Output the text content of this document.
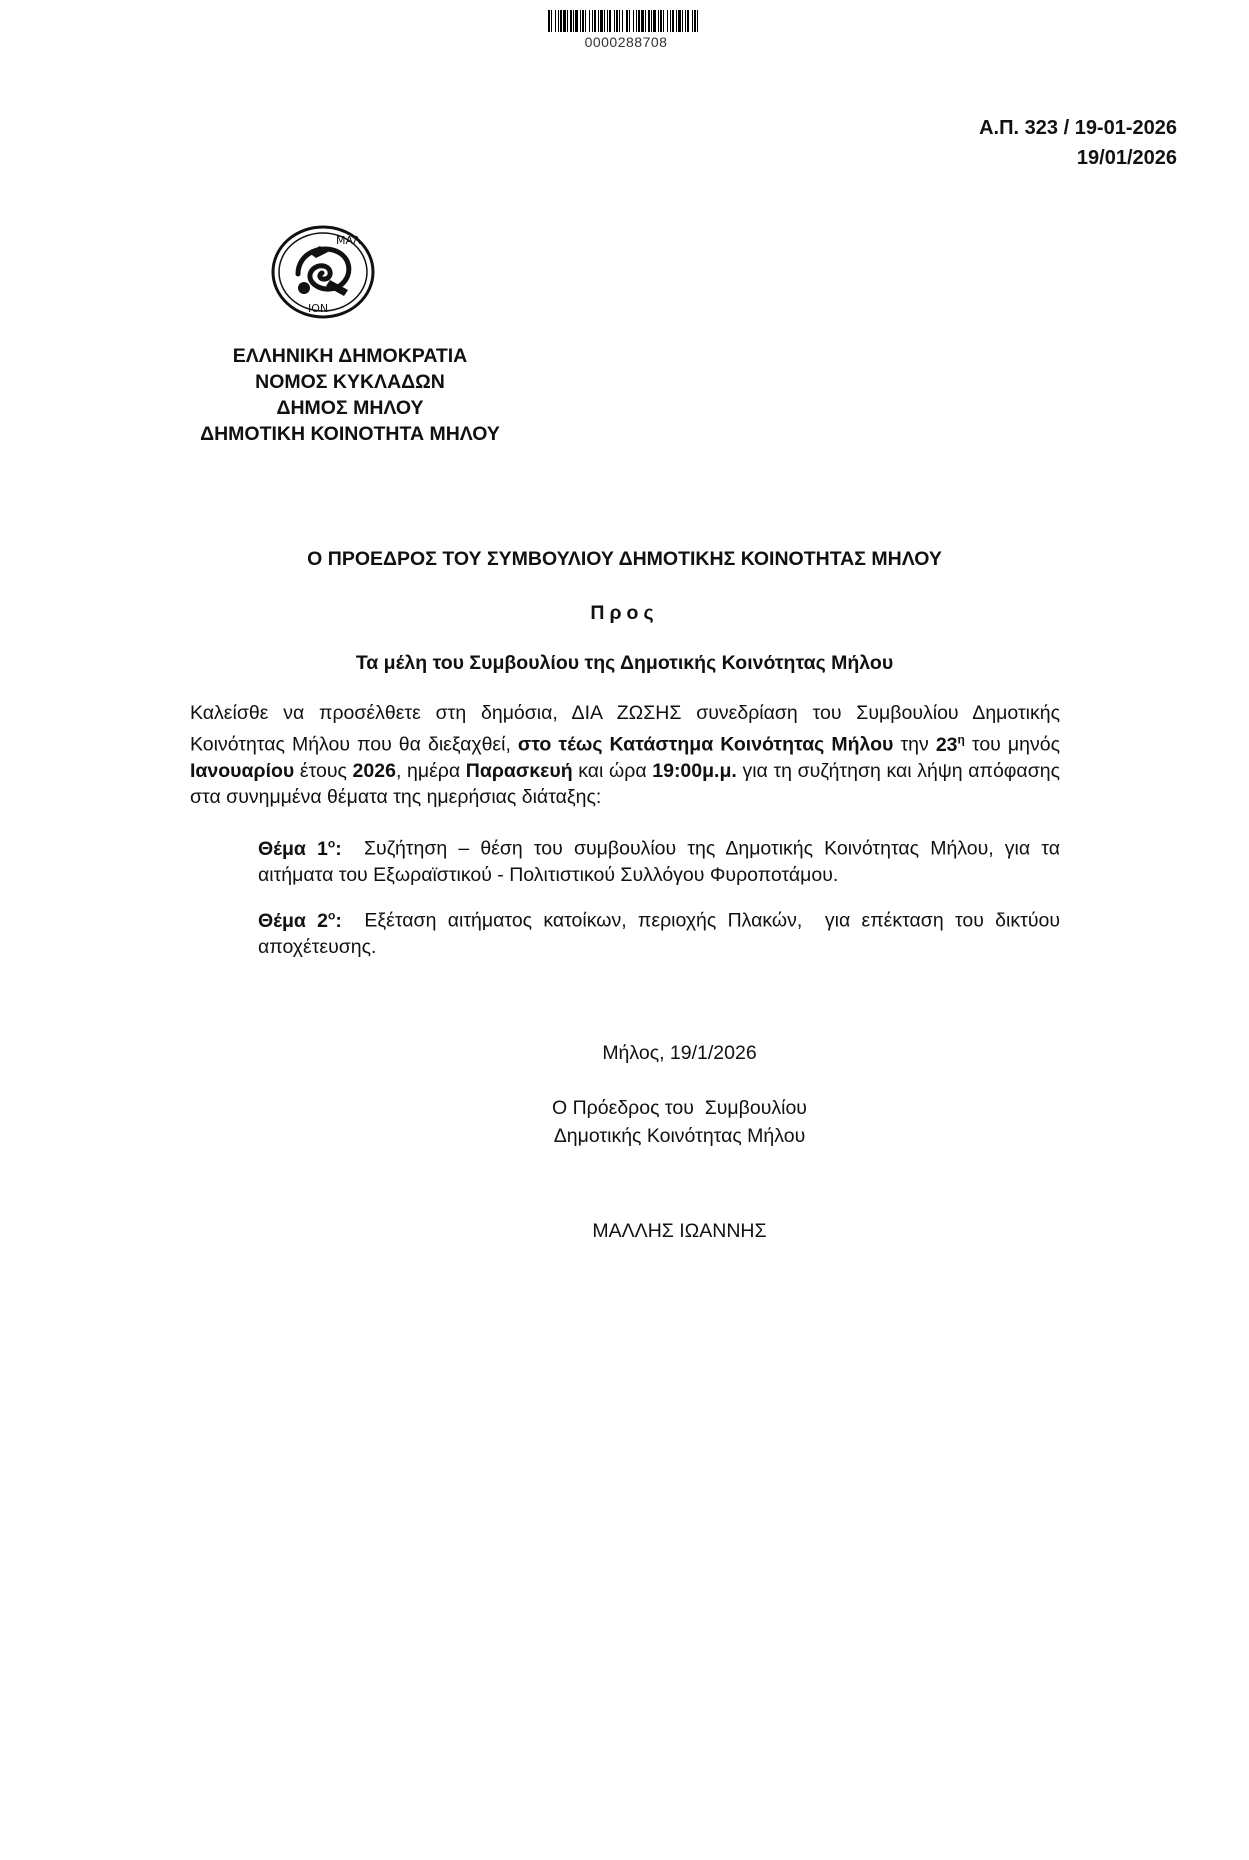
0000288708
Α.Π. 323 / 19-01-2026
19/01/2026
ΜΑΛ
ΙΟΝ
ΕΛΛΗΝΙΚΗ ΔΗΜΟΚΡΑΤΙΑ
ΝΟΜΟΣ ΚΥΚΛΑΔΩΝ
ΔΗΜΟΣ ΜΗΛΟΥ
ΔΗΜΟΤΙΚΗ ΚΟΙΝΟΤΗΤΑ ΜΗΛΟΥ
Ο ΠΡΟΕΔΡΟΣ ΤΟΥ ΣΥΜΒΟΥΛΙΟΥ ΔΗΜΟΤΙΚΗΣ ΚΟΙΝΟΤΗΤΑΣ ΜΗΛΟΥ
Προς
Τα μέλη του Συμβουλίου της Δημοτικής Κοινότητας Μήλου

Καλείσθε να προσέλθετε στη δημόσια, ΔΙΑ ΖΩΣΗΣ συνεδρίαση του Συμβουλίου Δημοτικής Κοινότητας Μήλου που θα διεξαχθεί, στο τέως Κατάστημα Κοινότητας Μήλου την $23^\eta$ του μηνός Ιανουαρίου έτους 2026, ημέρα Παρασκευή και ώρα 19:00μ.μ. για τη συζήτηση και λήψη απόφασης στα συνημμένα θέματα της ημερήσιας διάταξης:

Θέμα $1^o$:  Συζήτηση – θέση του συμβουλίου της Δημοτικής Κοινότητας Μήλου, για τα αιτήματα του Εξωραϊστικού - Πολιτιστικού Συλλόγου Φυροποτάμου.
Θέμα $2^o$:  Εξέταση αιτήματος κατοίκων, περιοχής Πλακών,  για επέκταση του δικτύου αποχέτευσης.
Μήλος, 19/1/2026
Ο Πρόεδρος του  Συμβουλίου
Δημοτικής Κοινότητας Μήλου
ΜΑΛΛΗΣ ΙΩΑΝΝΗΣ
